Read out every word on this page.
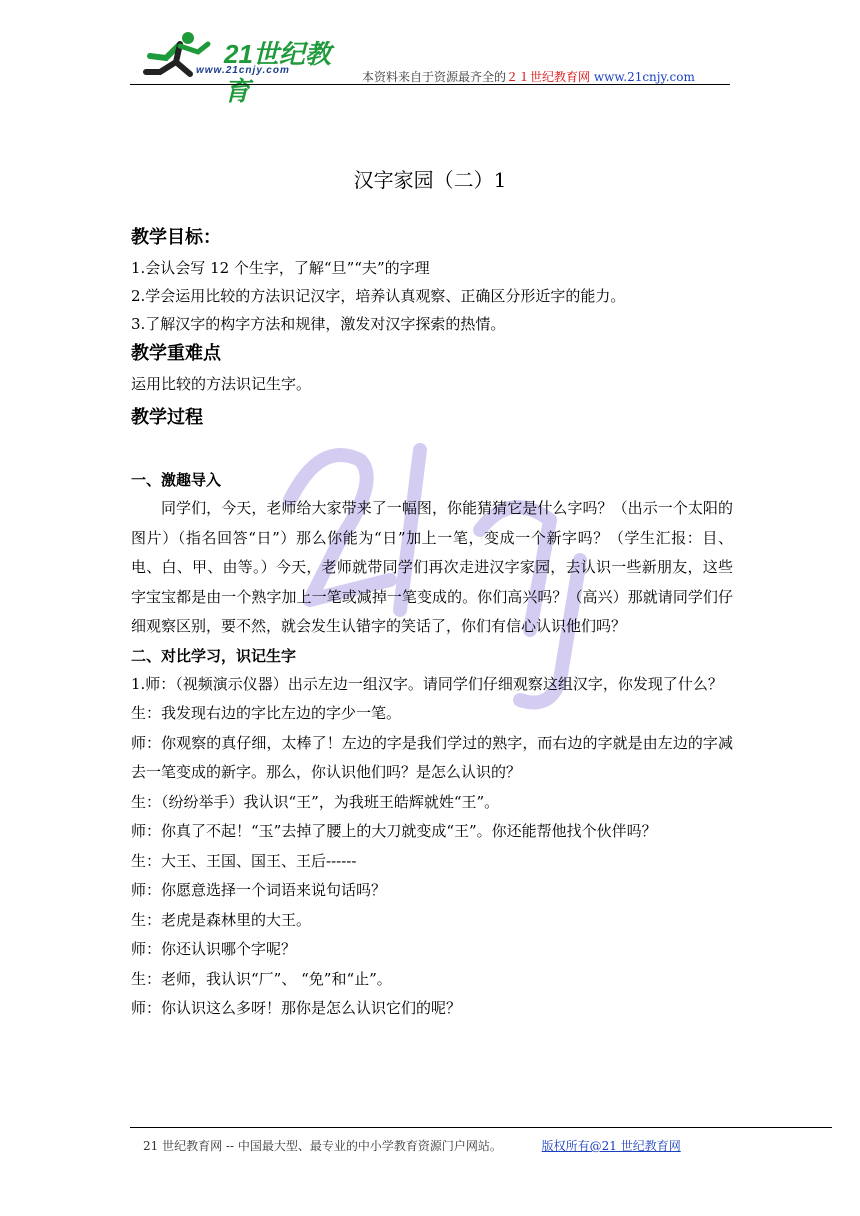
21世纪教育
www.21cnjy.com	本资料来自于资源最齐全的２１世纪教育网 www.21cnjy.com
汉字家园（二）1
教学目标：
1.会认会写 12 个生字，了解“旦”“夫”的字理
2.学会运用比较的方法识记汉字，培养认真观察、正确区分形近字的能力。
3.了解汉字的构字方法和规律，激发对汉字探索的热情。
教学重难点
运用比较的方法识记生字。
教学过程
一、激趣导入
同学们，今天，老师给大家带来了一幅图，你能猜猜它是什么字吗？（出示一个太阳的图片）（指名回答“日”）那么你能为“日”加上一笔，变成一个新字吗？（学生汇报：目、电、白、甲、由等。）今天，老师就带同学们再次走进汉字家园，去认识一些新朋友，这些字宝宝都是由一个熟字加上一笔或减掉一笔变成的。你们高兴吗？（高兴）那就请同学们仔细观察区别，要不然，就会发生认错字的笑话了，你们有信心认识他们吗？
二、对比学习，识记生字
1.师：（视频演示仪器）出示左边一组汉字。请同学们仔细观察这组汉字，你发现了什么？
生：我发现右边的字比左边的字少一笔。
师：你观察的真仔细，太棒了！左边的字是我们学过的熟字，而右边的字就是由左边的字减去一笔变成的新字。那么，你认识他们吗？是怎么认识的？
生：（纷纷举手）我认识“王”，为我班王皓辉就姓“王”。
师：你真了不起！“玉”去掉了腰上的大刀就变成“王”。你还能帮他找个伙伴吗？
生：大王、王国、国王、王后------
师：你愿意选择一个词语来说句话吗？
生：老虎是森林里的大王。
师：你还认识哪个字呢？
生：老师，我认识“厂”、 “免”和“止”。
师：你认识这么多呀！那你是怎么认识它们的呢？
21 世纪教育网 -- 中国最大型、最专业的中小学教育资源门户网站。	版权所有@21 世纪教育网
